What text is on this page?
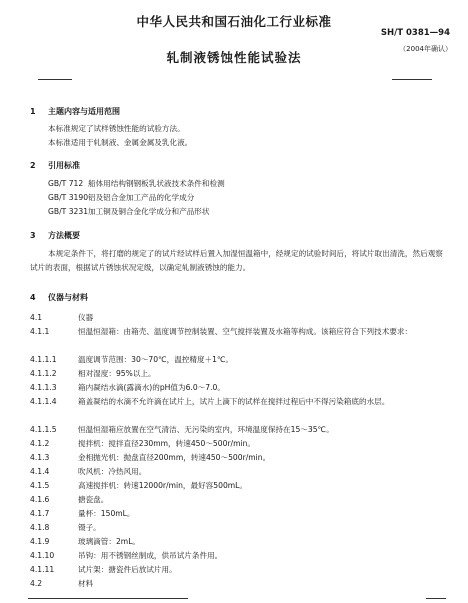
中华人民共和国石油化工行业标准
SH/T 0381—94
轧制液锈蚀性能试验法
（2004年确认）
1 主题内容与适用范围
本标准规定了试样锈蚀性能的试验方法。
本标准适用于轧制液、金属金属及乳化液。
2 引用标准
GB/T 712 船体用结构钢钢板乳状液技术条件和检测
GB/T 3190铝及铝合金加工产品的化学成分
GB/T 3231加工铜及铜合金化学成分和产品形状
3 方法概要
本规定条件下，将打磨的规定了的试片经试样后置入加湿恒温箱中，经规定的试验时间后，将试片取出清洗，然后观察试片的表面，根据试片锈蚀状况定级，以确定轧制液锈蚀的能力。
4 仪器与材料
4.1	仪器
4.1.1	恒温恒湿箱：由箱壳、温度调节控制装置、空气搅拌装置及水箱等构成。该箱应符合下列技术要求：
4.1.1.1	温度调节范围：30～70℃，温控精度＋1℃。
4.1.1.2	相对湿度：95%以上。
4.1.1.3	箱内凝结水滴(露滴水)的pH值为6.0～7.0。
4.1.1.4	箱盖凝结的水滴不允许滴在试片上，试片上滴下的试样在搅拌过程后中不得污染箱底的水层。
4.1.1.5	恒温恒湿箱应放置在空气清洁、无污染的室内，环境温度保持在15～35℃。
4.1.2	搅拌机：搅拌直径230mm，转速450～500r/min。
4.1.3	金相抛光机：抛盘直径200mm，转速450～500r/min。
4.1.4	吹风机：冷热风用。
4.1.5	高速搅拌机：转速12000r/min，最好容500mL。
4.1.6	搪瓷盘。
4.1.7	量杯：150mL。
4.1.8	镊子。
4.1.9	玻璃滴管：2mL。
4.1.10	吊钩：用不锈钢丝制成，供吊试片条件用。
4.1.11	试片架：搪瓷件后放试片用。
4.2	材料
